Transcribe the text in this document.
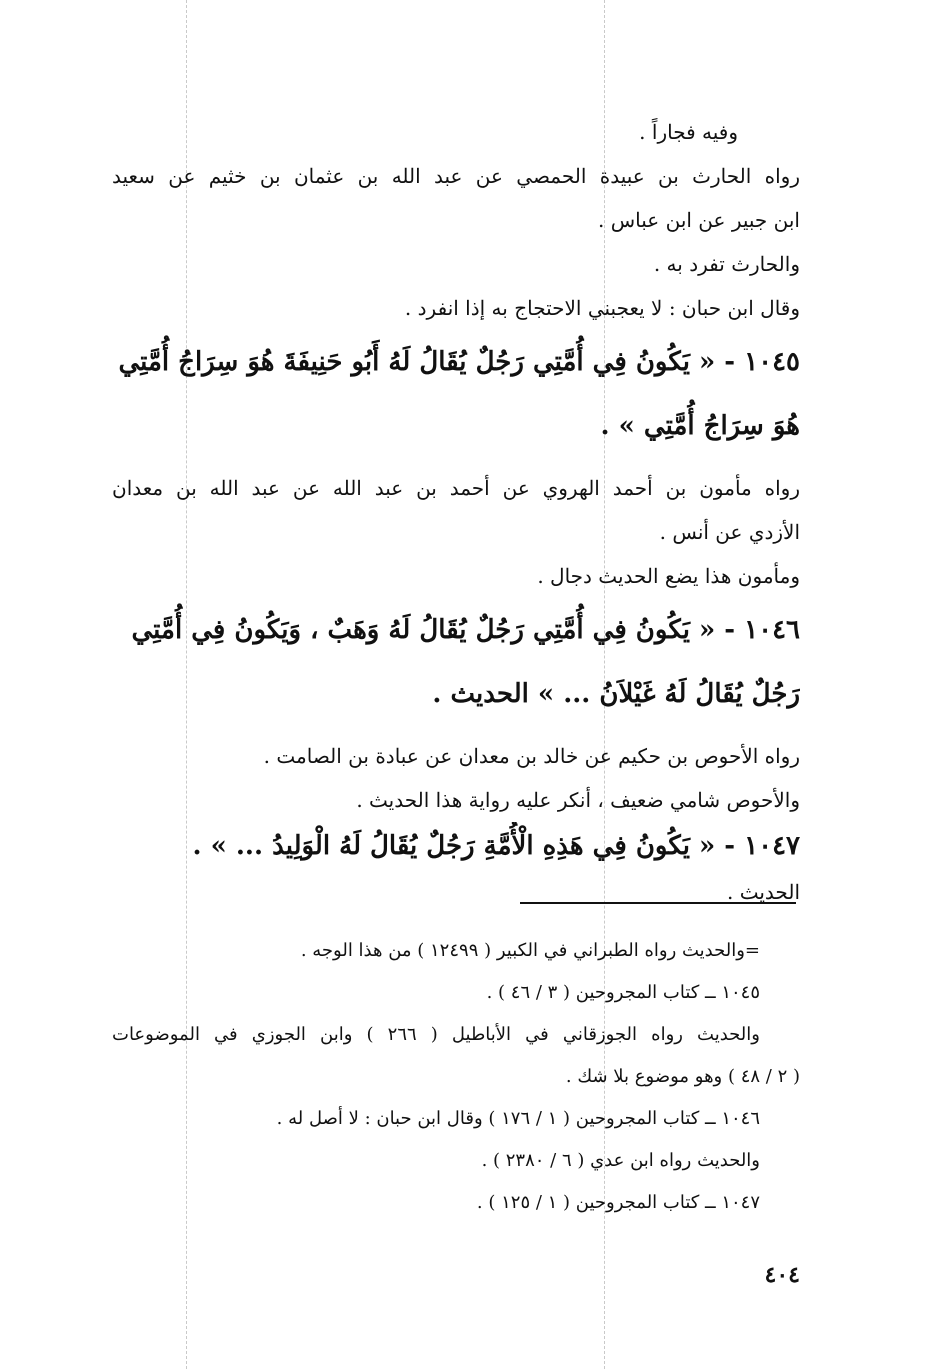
وفيه فجاراً .
رواه الحارث بن عبيدة الحمصي عن عبد الله بن عثمان بن خثيم عن سعيد
ابن جبير عن ابن عباس .
والحارث تفرد به .
وقال ابن حبان : لا يعجبني الاحتجاج به إذا انفرد .
١٠٤٥ - « يَكُونُ فِي أُمَّتِي رَجُلٌ يُقَالُ لَهُ أَبُو حَنِيفَةَ هُوَ سِرَاجُ أُمَّتِي
هُوَ سِرَاجُ أُمَّتِي » .
رواه مأمون بن أحمد الهروي عن أحمد بن عبد الله عن عبد الله بن معدان
الأزدي عن أنس .
ومأمون هذا يضع الحديث دجال .
١٠٤٦ - « يَكُونُ فِي أُمَّتِي رَجُلٌ يُقَالُ لَهُ وَهَبٌ ، وَيَكُونُ فِي أُمَّتِي
رَجُلٌ يُقَالُ لَهُ غَيْلاَنُ ... » الحديث .
رواه الأحوص بن حكيم عن خالد بن معدان عن عبادة بن الصامت .
والأحوص شامي ضعيف ، أنكر عليه رواية هذا الحديث .
١٠٤٧ - « يَكُونُ فِي هَذِهِ الْأُمَّةِ رَجُلٌ يُقَالُ لَهُ الْوَلِيدُ ... » .
الحديث .
=والحديث رواه الطبراني في الكبير ( ١٢٤٩٩ ) من هذا الوجه .
١٠٤٥ ــ كتاب المجروحين ( ٣ / ٤٦ ) .
والحديث رواه الجوزقاني في الأباطيل ( ٢٦٦ ) وابن الجوزي في الموضوعات
( ٢ / ٤٨ ) وهو موضوع بلا شك .
١٠٤٦ ــ كتاب المجروحين ( ١ / ١٧٦ ) وقال ابن حبان : لا أصل له .
والحديث رواه ابن عدي ( ٦ / ٢٣٨٠ ) .
١٠٤٧ ــ كتاب المجروحين ( ١ / ١٢٥ ) .
٤٠٤
